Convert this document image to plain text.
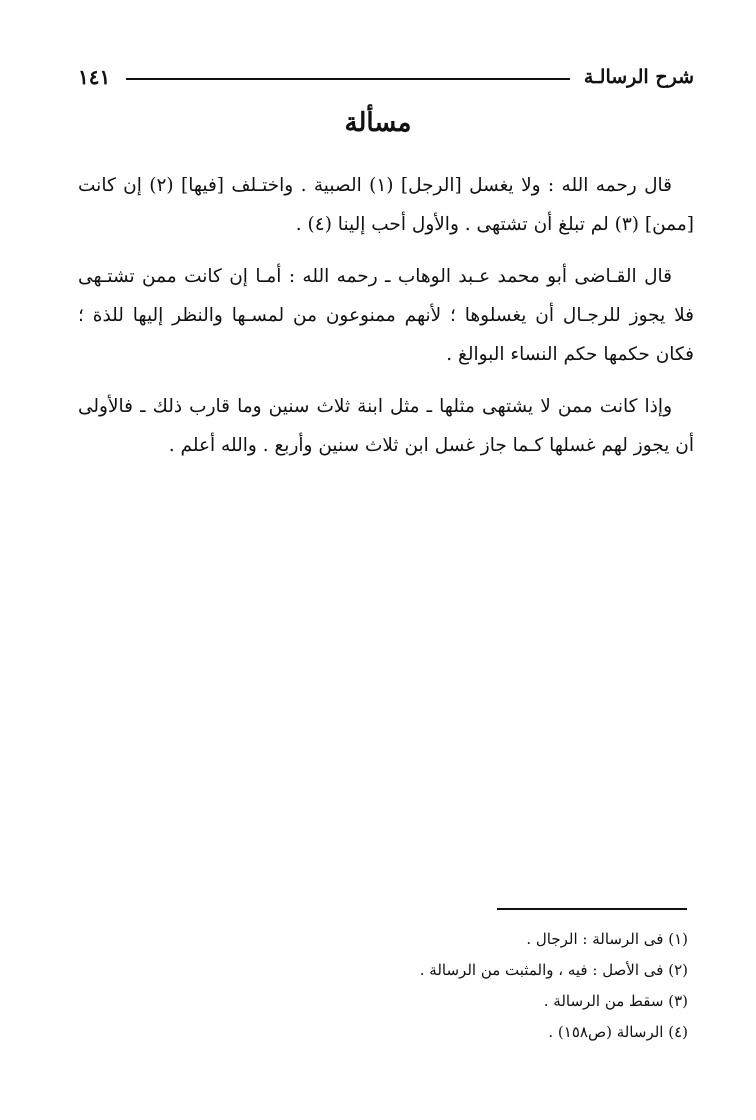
شرح الرسالـة
١٤١
مسألة

قال رحمه الله : ولا يغسل [الرجل] (١) الصبية . واختـلف [فيها] (٢) إن كانت [ممن] (٣) لم تبلغ أن تشتهى . والأول أحب إلينا (٤) .

قال القـاضى أبو محمد عـبد الوهاب ـ رحمه الله : أمـا إن كانت ممن تشتـهى فلا يجوز للرجـال أن يغسلوها ؛ لأنهم ممنوعون من لمسـها والنظر إليها للذة ؛ فكان حكمها حكم النساء البوالغ .

وإذا كانت ممن لا يشتهى مثلها ـ مثل ابنة ثلاث سنين وما قارب ذلك ـ فالأولى أن يجوز لهم غسلها كـما جاز غسل ابن ثلاث سنين وأربع . والله أعلم .

(١) فى الرسالة : الرجال .
(٢) فى الأصل : فيه ، والمثبت من الرسالة .
(٣) سقط من الرسالة .
(٤) الرسالة (ص١٥٨) .
